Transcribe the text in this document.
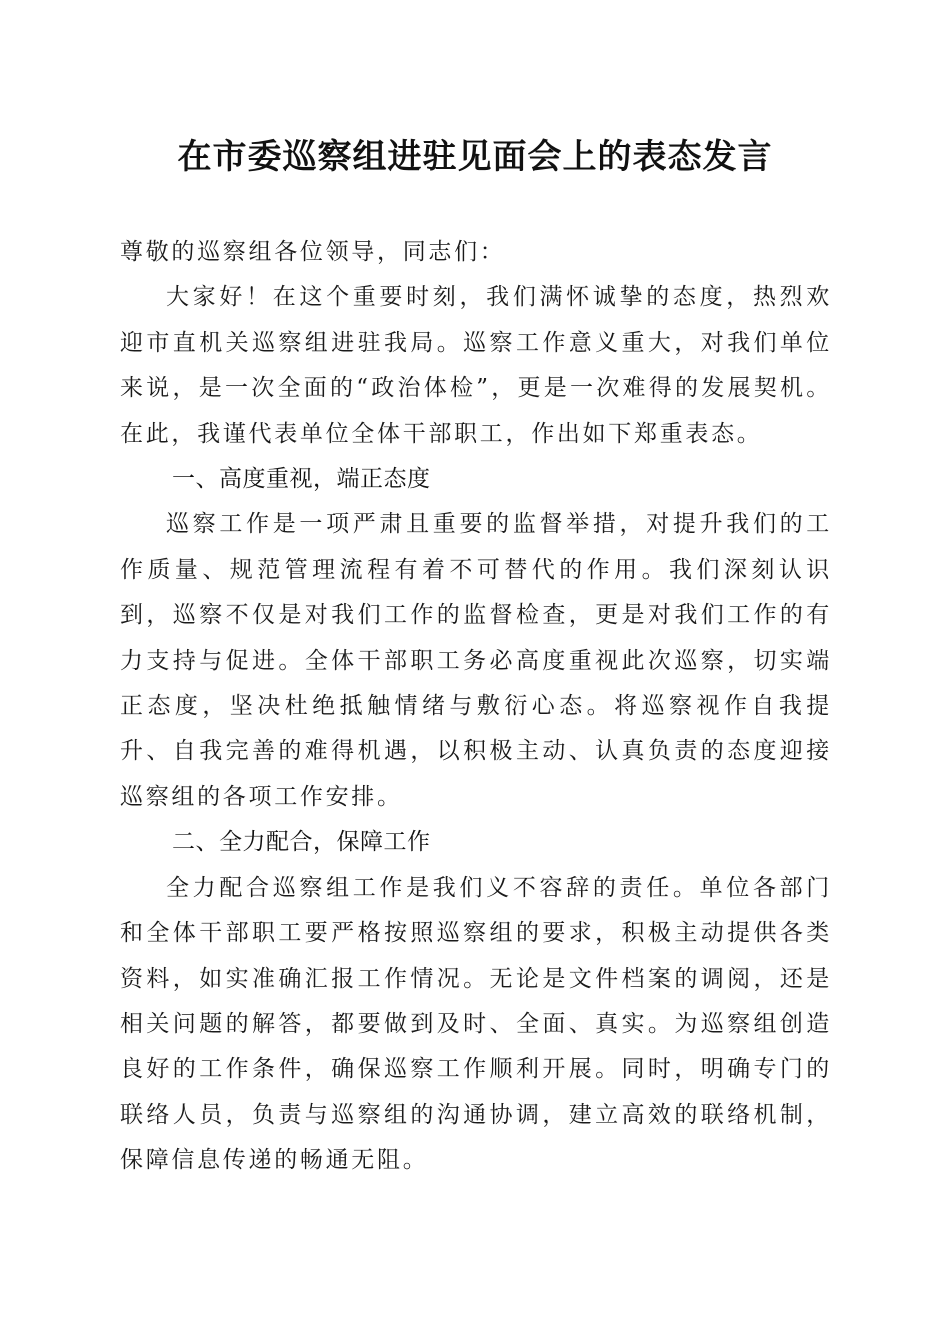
在市委巡察组进驻见面会上的表态发言

尊敬的巡察组各位领导，同志们：

大家好！在这个重要时刻，我们满怀诚挚的态度，热烈欢迎市直机关巡察组进驻我局。巡察工作意义重大，对我们单位来说，是一次全面的“政治体检”，更是一次难得的发展契机。在此，我谨代表单位全体干部职工，作出如下郑重表态。

一、高度重视，端正态度

巡察工作是一项严肃且重要的监督举措，对提升我们的工作质量、规范管理流程有着不可替代的作用。我们深刻认识到，巡察不仅是对我们工作的监督检查，更是对我们工作的有力支持与促进。全体干部职工务必高度重视此次巡察，切实端正态度，坚决杜绝抵触情绪与敷衍心态。将巡察视作自我提升、自我完善的难得机遇，以积极主动、认真负责的态度迎接巡察组的各项工作安排。

二、全力配合，保障工作

全力配合巡察组工作是我们义不容辞的责任。单位各部门和全体干部职工要严格按照巡察组的要求，积极主动提供各类资料，如实准确汇报工作情况。无论是文件档案的调阅，还是相关问题的解答，都要做到及时、全面、真实。为巡察组创造良好的工作条件，确保巡察工作顺利开展。同时，明确专门的联络人员，负责与巡察组的沟通协调，建立高效的联络机制，保障信息传递的畅通无阻。
